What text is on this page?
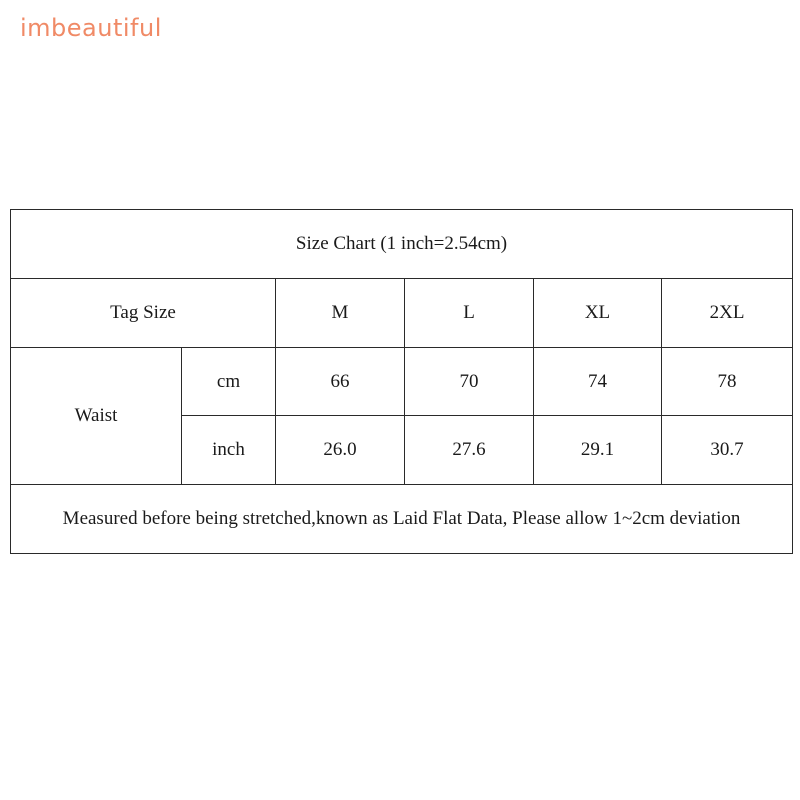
imbeautiful
Size Chart (1 inch=2.54cm)					
Tag Size		M	L	XL	2XL
Waist	cm	66	70	74	78
	inch	26.0	27.6	29.1	30.7
Measured before being stretched,known as Laid Flat Data, Please allow 1~2cm deviation					
